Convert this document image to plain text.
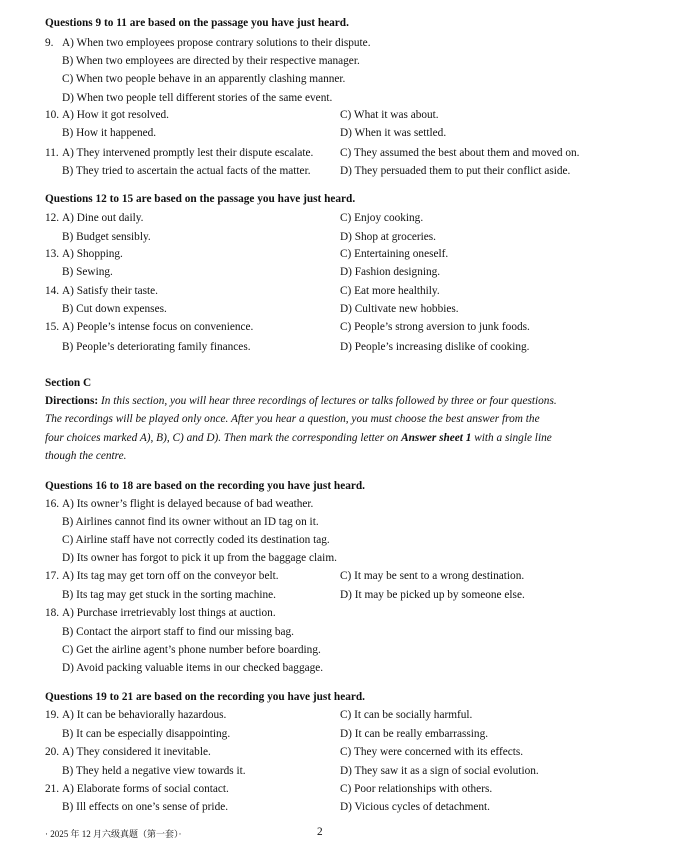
Questions 9 to 11 are based on the passage you have just heard.
9. A) When two employees propose contrary solutions to their dispute.
B) When two employees are directed by their respective manager.
C) When two people behave in an apparently clashing manner.
D) When two people tell different stories of the same event.
10. A) How it got resolved.	C) What it was about.
B) How it happened.	D) When it was settled.
11. A) They intervened promptly lest their dispute escalate. C) They assumed the best about them and moved on.
B) They tried to ascertain the actual facts of the matter.	D) They persuaded them to put their conflict aside.
Questions 12 to 15 are based on the passage you have just heard.
12. A) Dine out daily.	C) Enjoy cooking.
B) Budget sensibly.	D) Shop at groceries.
13. A) Shopping.	C) Entertaining oneself.
B) Sewing.	D) Fashion designing.
14. A) Satisfy their taste.	C) Eat more healthily.
B) Cut down expenses.	D) Cultivate new hobbies.
15. A) People’s intense focus on convenience.	C) People’s strong aversion to junk foods.
B) People’s deteriorating family finances.	D) People’s increasing dislike of cooking.
Section C
Directions: In this section, you will hear three recordings of lectures or talks followed by three or four questions.
The recordings will be played only once. After you hear a question, you must choose the best answer from the
four choices marked A), B), C) and D). Then mark the corresponding letter on Answer sheet 1 with a single line
though the centre.
Questions 16 to 18 are based on the recording you have just heard.
16. A) Its owner’s flight is delayed because of bad weather.
B) Airlines cannot find its owner without an ID tag on it.
C) Airline staff have not correctly coded its destination tag.
D) Its owner has forgot to pick it up from the baggage claim.
17. A) Its tag may get torn off on the conveyor belt.	C) It may be sent to a wrong destination.
B) Its tag may get stuck in the sorting machine.	D) It may be picked up by someone else.
18. A) Purchase irretrievably lost things at auction.
B) Contact the airport staff to find our missing bag.
C) Get the airline agent’s phone number before boarding.
D) Avoid packing valuable items in our checked baggage.
Questions 19 to 21 are based on the recording you have just heard.
19. A) It can be behaviorally hazardous.	C) It can be socially harmful.
B) It can be especially disappointing.	D) It can be really embarrassing.
20. A) They considered it inevitable.	C) They were concerned with its effects.
B) They held a negative view towards it.	D) They saw it as a sign of social evolution.
21. A) Elaborate forms of social contact.	C) Poor relationships with others.
B) Ill effects on one’s sense of pride.	D) Vicious cycles of detachment.
· 2025 年 12 月六级真题（第一套）·	2
